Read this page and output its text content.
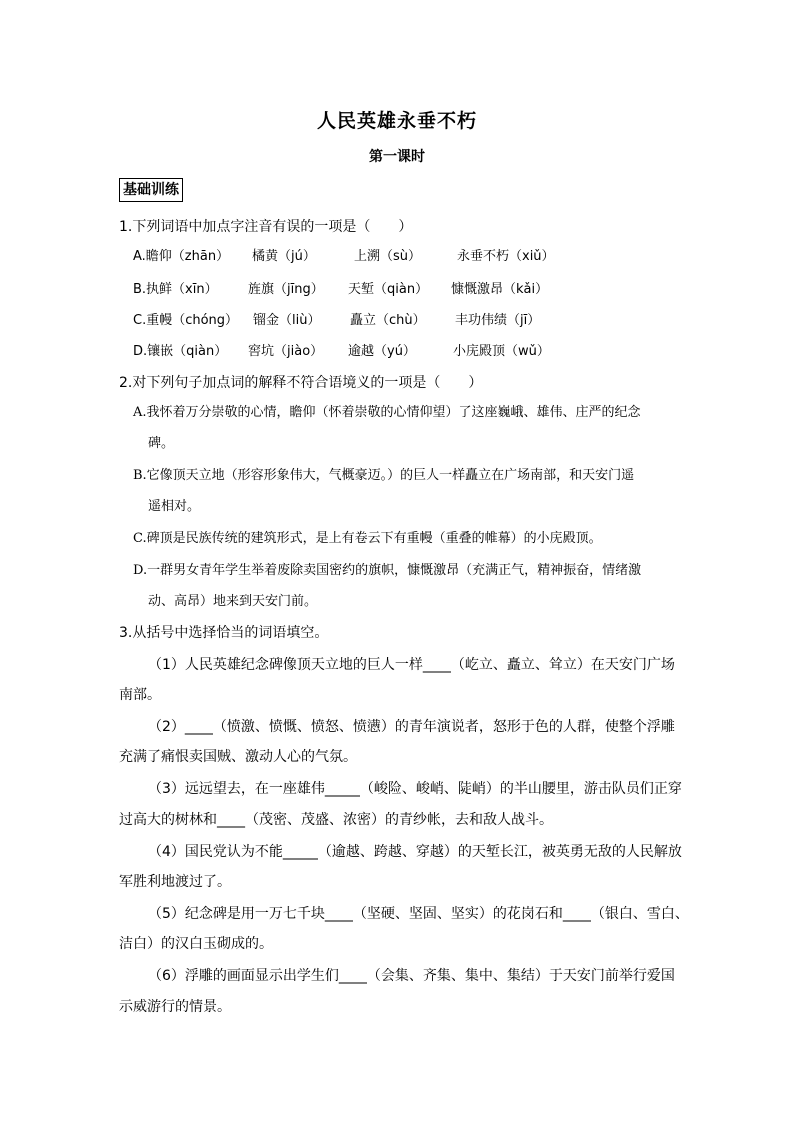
人民英雄永垂不朽
第一课时
基础训练
1.下列词语中加点字注音有误的一项是（　　）
A.瞻仰（zhān） 橘黄（jú）	上溯（sù）	永垂不朽（xiǔ）
B.执鲜（xīn） 旌旗（jīng） 天堑（qiàn） 慷慨激昂（kǎi）
C.重幔（chóng） 镏金（liù） 矗立（chù） 丰功伟绩（jī）
D.镶嵌（qiàn） 窖坑（jiào） 逾越（yú）	小庑殿顶（wǔ）
2.对下列句子加点词的解释不符合语境义的一项是（　　）
A.我怀着万分崇敬的心情，瞻仰（怀着崇敬的心情仰望）了这座巍峨、雄伟、庄严的纪念
碑。
B.它像顶天立地（形容形象伟大，气概豪迈。）的巨人一样矗立在广场南部，和天安门遥
遥相对。
C.碑顶是民族传统的建筑形式，是上有卷云下有重幔（重叠的帷幕）的小庑殿顶。
D.一群男女青年学生举着废除卖国密约的旗帜，慷慨激昂（充满正气，精神振奋，情绪激
动、高昂）地来到天安门前。
3.从括号中选择恰当的词语填空。
（1）人民英雄纪念碑像顶天立地的巨人一样____（屹立、矗立、耸立）在天安门广场
南部。
（2）____（愤激、愤慨、愤怒、愤懑）的青年演说者，怒形于色的人群，使整个浮雕
充满了痛恨卖国贼、激动人心的气氛。
（3）远远望去，在一座雄伟_____（峻险、峻峭、陡峭）的半山腰里，游击队员们正穿
过高大的树林和____（茂密、茂盛、浓密）的青纱帐，去和敌人战斗。
（4）国民党认为不能_____（逾越、跨越、穿越）的天堑长江，被英勇无敌的人民解放
军胜利地渡过了。
（5）纪念碑是用一万七千块____（坚硬、坚固、坚实）的花岗石和____（银白、雪白、
洁白）的汉白玉砌成的。
（6）浮雕的画面显示出学生们____（会集、齐集、集中、集结）于天安门前举行爱国
示威游行的情景。
